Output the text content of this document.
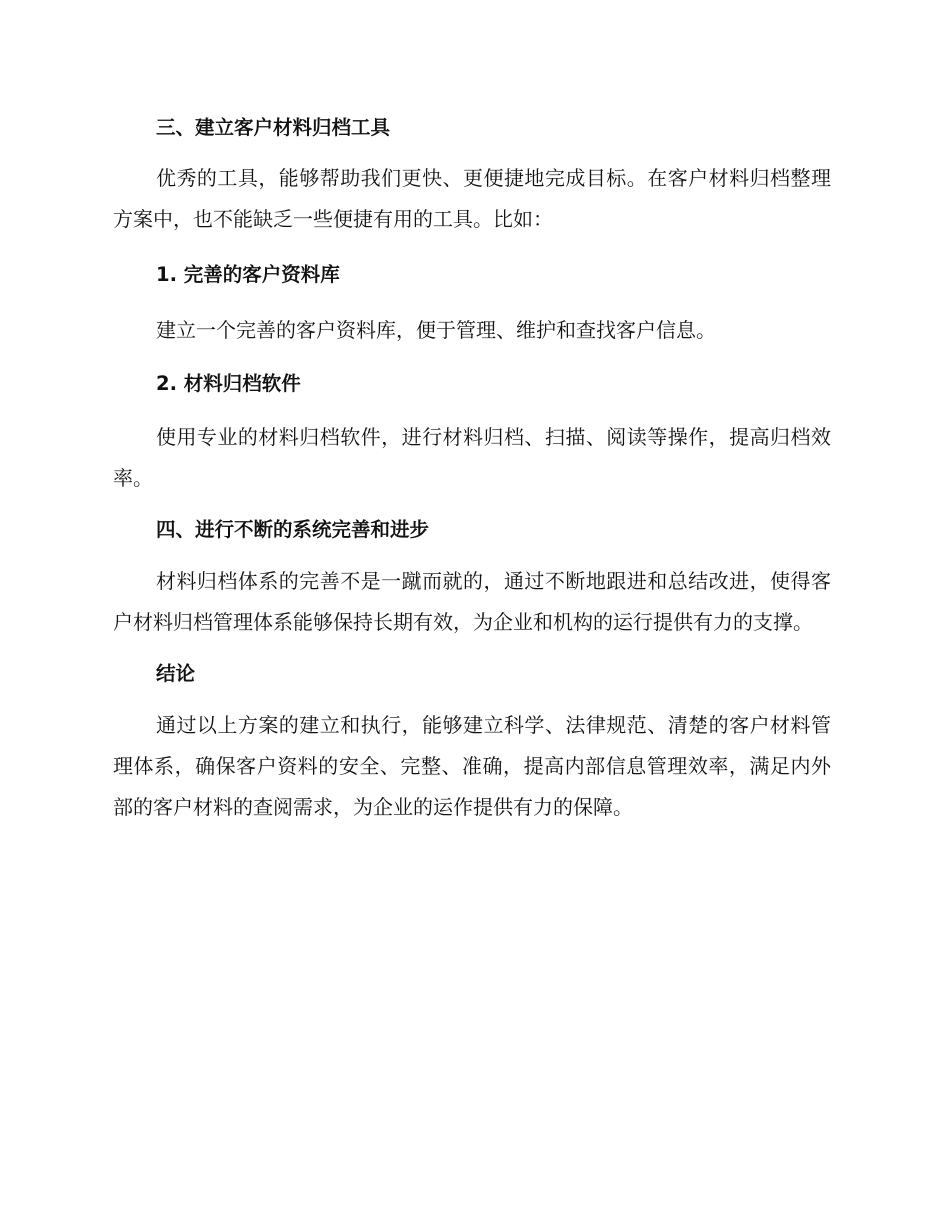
三、建立客户材料归档工具

优秀的工具，能够帮助我们更快、更便捷地完成目标。在客户材料归档整理方案中，也不能缺乏一些便捷有用的工具。比如：

1. 完善的客户资料库

建立一个完善的客户资料库，便于管理、维护和查找客户信息。

2. 材料归档软件

使用专业的材料归档软件，进行材料归档、扫描、阅读等操作，提高归档效率。

四、进行不断的系统完善和进步

材料归档体系的完善不是一蹴而就的，通过不断地跟进和总结改进，使得客户材料归档管理体系能够保持长期有效，为企业和机构的运行提供有力的支撑。

结论

通过以上方案的建立和执行，能够建立科学、法律规范、清楚的客户材料管理体系，确保客户资料的安全、完整、准确，提高内部信息管理效率，满足内外部的客户材料的查阅需求，为企业的运作提供有力的保障。
